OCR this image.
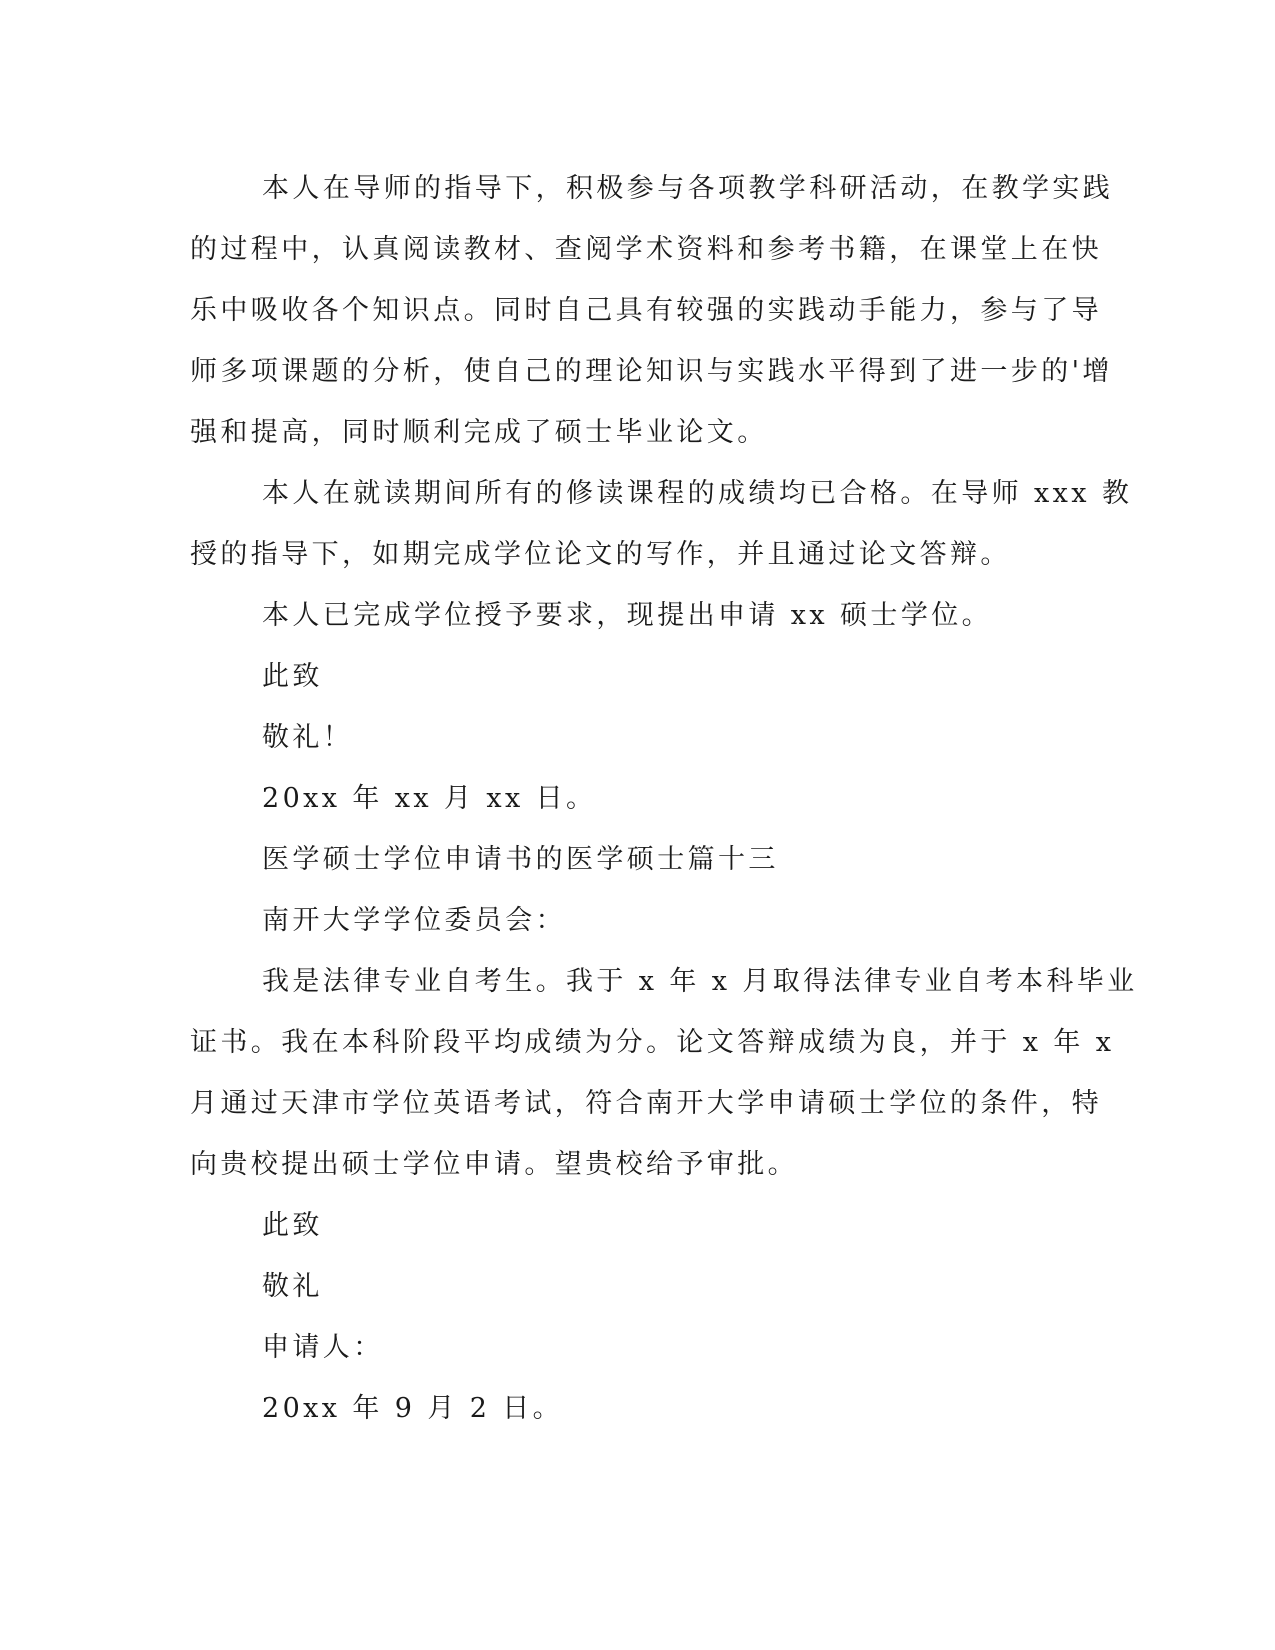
本人在导师的指导下，积极参与各项教学科研活动，在教学实践
的过程中，认真阅读教材、查阅学术资料和参考书籍，在课堂上在快
乐中吸收各个知识点。同时自己具有较强的实践动手能力，参与了导
师多项课题的分析，使自己的理论知识与实践水平得到了进一步的'增
强和提高，同时顺利完成了硕士毕业论文。
本人在就读期间所有的修读课程的成绩均已合格。在导师 xxx 教
授的指导下，如期完成学位论文的写作，并且通过论文答辩。
本人已完成学位授予要求，现提出申请 xx 硕士学位。
此致
敬礼！
20xx 年 xx 月 xx 日。
医学硕士学位申请书的医学硕士篇十三
南开大学学位委员会：
我是法律专业自考生。我于 x 年 x 月取得法律专业自考本科毕业
证书。我在本科阶段平均成绩为分。论文答辩成绩为良，并于 x 年 x
月通过天津市学位英语考试，符合南开大学申请硕士学位的条件，特
向贵校提出硕士学位申请。望贵校给予审批。
此致
敬礼
申请人：
20xx 年 9 月 2 日。
